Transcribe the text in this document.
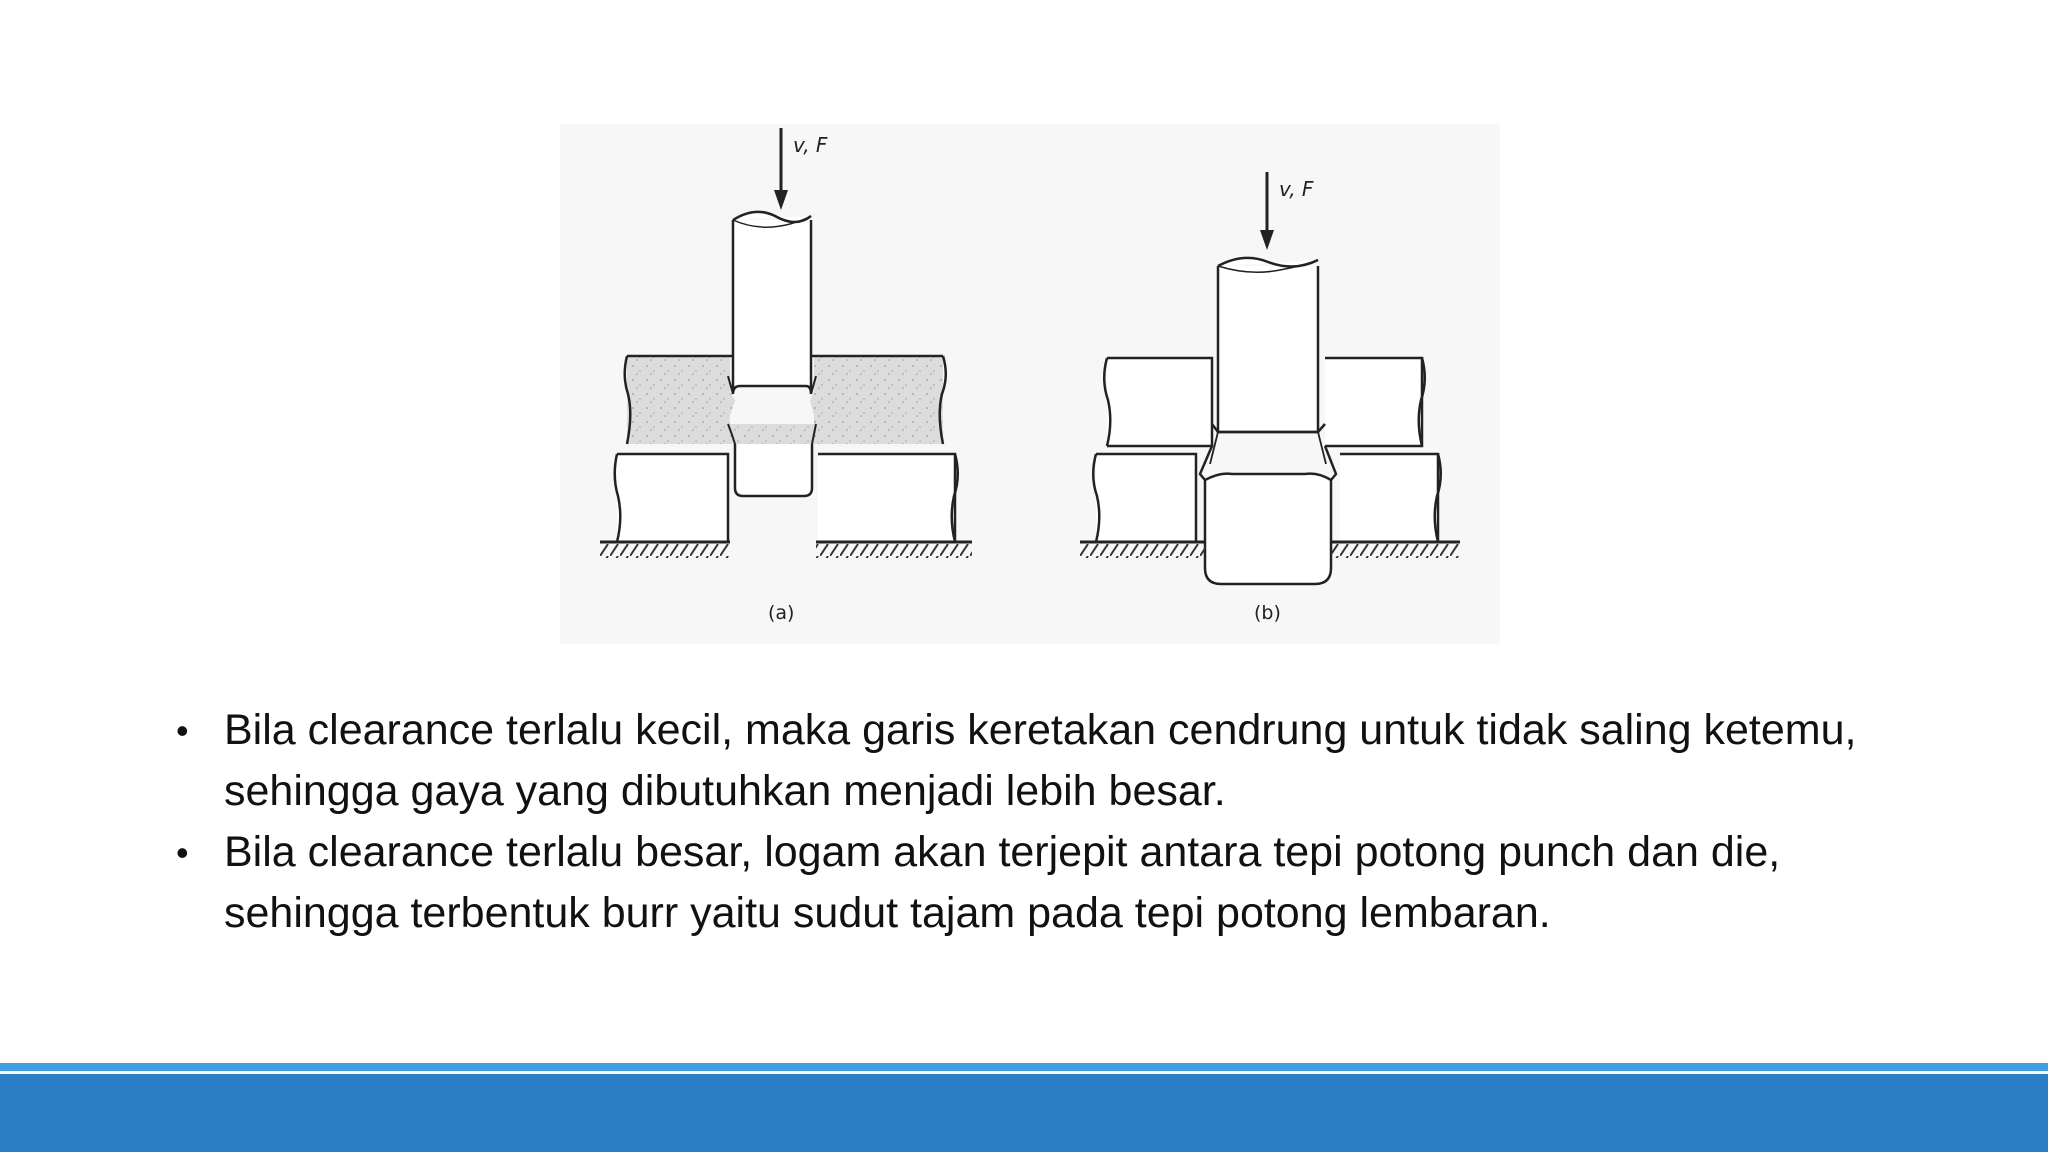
v, F
(a)
v, F
(b)
• Bila clearance terlalu kecil, maka garis keretakan cendrung untuk tidak saling ketemu, sehingga gaya yang dibutuhkan menjadi lebih besar.
• Bila clearance terlalu besar, logam akan terjepit antara tepi potong punch dan die, sehingga terbentuk burr yaitu sudut tajam pada tepi potong lembaran.
